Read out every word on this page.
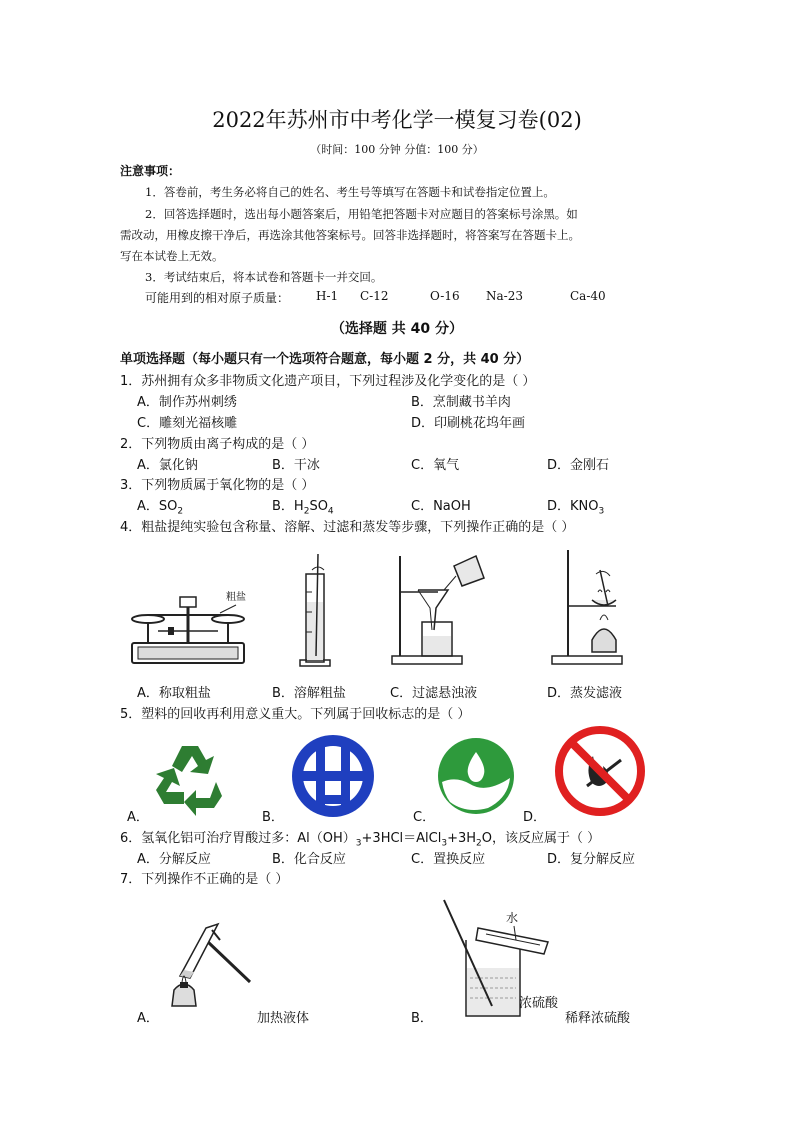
2022年苏州市中考化学一模复习卷(02)
（时间：100 分钟 分值：100 分）
注意事项：
1．答卷前，考生务必将自己的姓名、考生号等填写在答题卡和试卷指定位置上。
2．回答选择题时，选出每小题答案后，用铅笔把答题卡对应题目的答案标号涂黑。如
需改动，用橡皮擦干净后，再选涂其他答案标号。回答非选择题时，将答案写在答题卡上。
写在本试卷上无效。
3．考试结束后，将本试卷和答题卡一并交回。
可能用到的相对原子质量： H-1 C-12	O-16 Na-23	Ca-40
（选择题 共 40 分）
单项选择题（每小题只有一个选项符合题意，每小题 2 分，共 40 分）
1．苏州拥有众多非物质文化遗产项目，下列过程涉及化学变化的是（ ）
A．制作苏州刺绣	B．烹制藏书羊肉
C．雕刻光福核雕	D．印刷桃花坞年画
2．下列物质由离子构成的是（ ）
A．氯化钠	B．干冰	C．氧气	D．金刚石
3．下列物质属于氧化物的是（ ）
A．$SO_2$	B．$H_2SO_4$	C．NaOH	D．$KNO_3$
4．粗盐提纯实验包含称量、溶解、过滤和蒸发等步骤，下列操作正确的是（ ）
粗盐
A．称取粗盐	B．溶解粗盐	C．过滤悬浊液	D．蒸发滤液
5．塑料的回收再利用意义重大。下列属于回收标志的是（ ）
A．	B．	C．	D．
6．氢氧化铝可治疗胃酸过多：$Al(OH)_3+3HCl=AlCl_3+3H_2O$，该反应属于（ ）
A．分解反应	B．化合反应	C．置换反应	D．复分解反应
7．下列操作不正确的是（ ）
A．	加热液体
水
浓硫酸
B．	稀释浓硫酸
